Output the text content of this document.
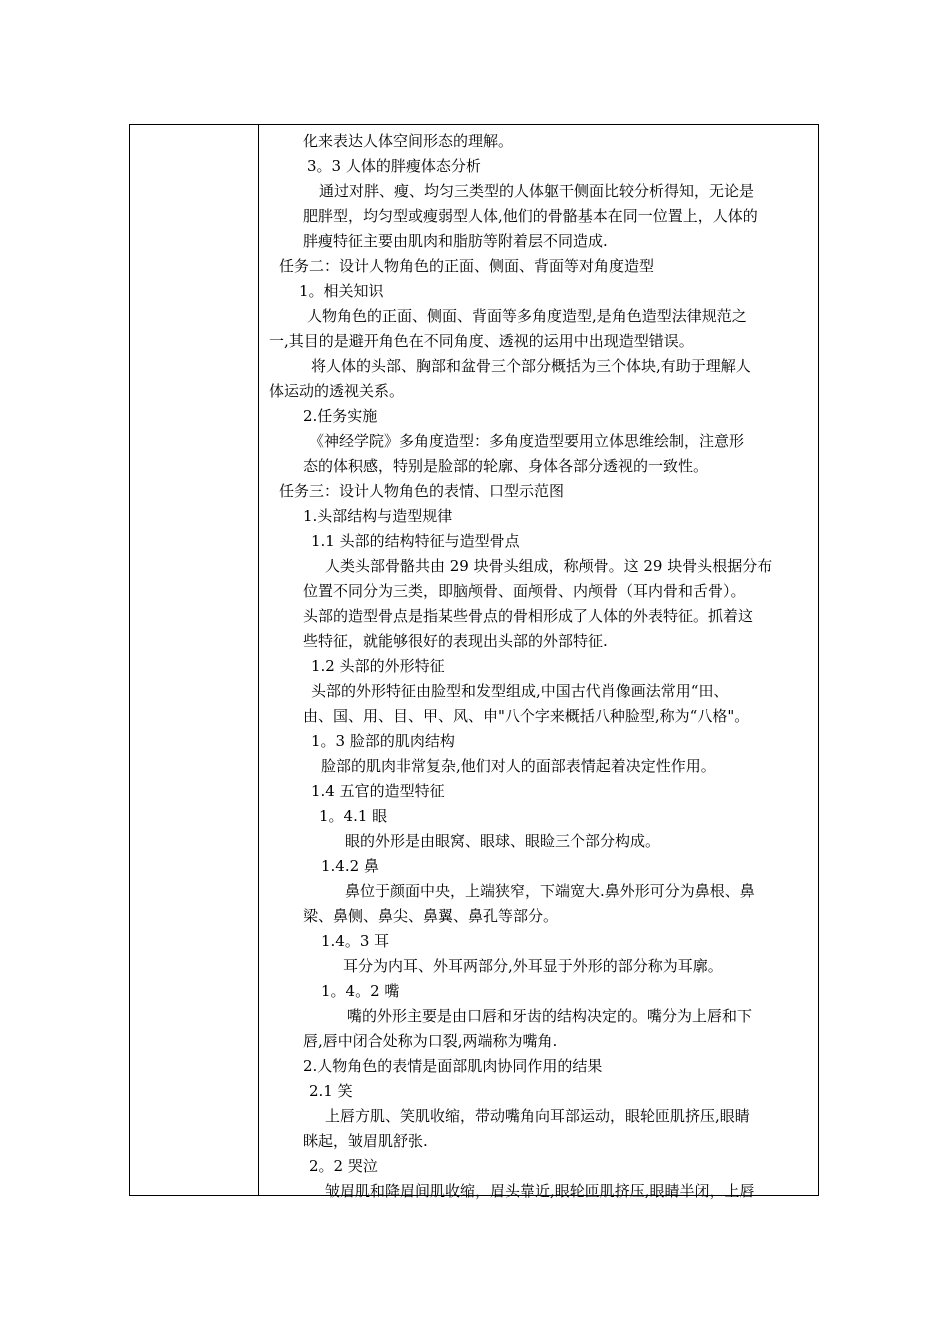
化来表达人体空间形态的理解。
3。3 人体的胖瘦体态分析
通过对胖、瘦、均匀三类型的人体躯干侧面比较分析得知，无论是
肥胖型，均匀型或瘦弱型人体,他们的骨骼基本在同一位置上，人体的
胖瘦特征主要由肌肉和脂肪等附着层不同造成.
任务二：设计人物角色的正面、侧面、背面等对角度造型
1。相关知识
人物角色的正面、侧面、背面等多角度造型,是角色造型法律规范之
一,其目的是避开角色在不同角度、透视的运用中出现造型错误。
将人体的头部、胸部和盆骨三个部分概括为三个体块,有助于理解人
体运动的透视关系。
2.任务实施
《神经学院》多角度造型：多角度造型要用立体思维绘制，注意形
态的体积感，特别是脸部的轮廓、身体各部分透视的一致性。
任务三：设计人物角色的表情、口型示范图
1.头部结构与造型规律
1.1 头部的结构特征与造型骨点
人类头部骨骼共由 29 块骨头组成，称颅骨。这 29 块骨头根据分布
位置不同分为三类，即脑颅骨、面颅骨、内颅骨（耳内骨和舌骨）。
头部的造型骨点是指某些骨点的骨相形成了人体的外表特征。抓着这
些特征，就能够很好的表现出头部的外部特征.
1.2 头部的外形特征
头部的外形特征由脸型和发型组成,中国古代肖像画法常用“田、
由、国、用、目、甲、风、申"八个字来概括八种脸型,称为“八格"。
1。3 脸部的肌肉结构
脸部的肌肉非常复杂,他们对人的面部表情起着决定性作用。
1.4 五官的造型特征
1。4.1 眼
眼的外形是由眼窝、眼球、眼睑三个部分构成。
1.4.2 鼻
鼻位于颜面中央，上端狭窄，下端宽大.鼻外形可分为鼻根、鼻
梁、鼻侧、鼻尖、鼻翼、鼻孔等部分。
1.4。3 耳
耳分为内耳、外耳两部分,外耳显于外形的部分称为耳廓。
1。4。2 嘴
嘴的外形主要是由口唇和牙齿的结构决定的。嘴分为上唇和下
唇,唇中闭合处称为口裂,两端称为嘴角.
2.人物角色的表情是面部肌肉协同作用的结果
2.1 笑
上唇方肌、笑肌收缩，带动嘴角向耳部运动，眼轮匝肌挤压,眼睛
眯起，皱眉肌舒张.
2。2 哭泣
皱眉肌和降眉间肌收缩，眉头靠近,眼轮匝肌挤压,眼睛半闭，上唇
